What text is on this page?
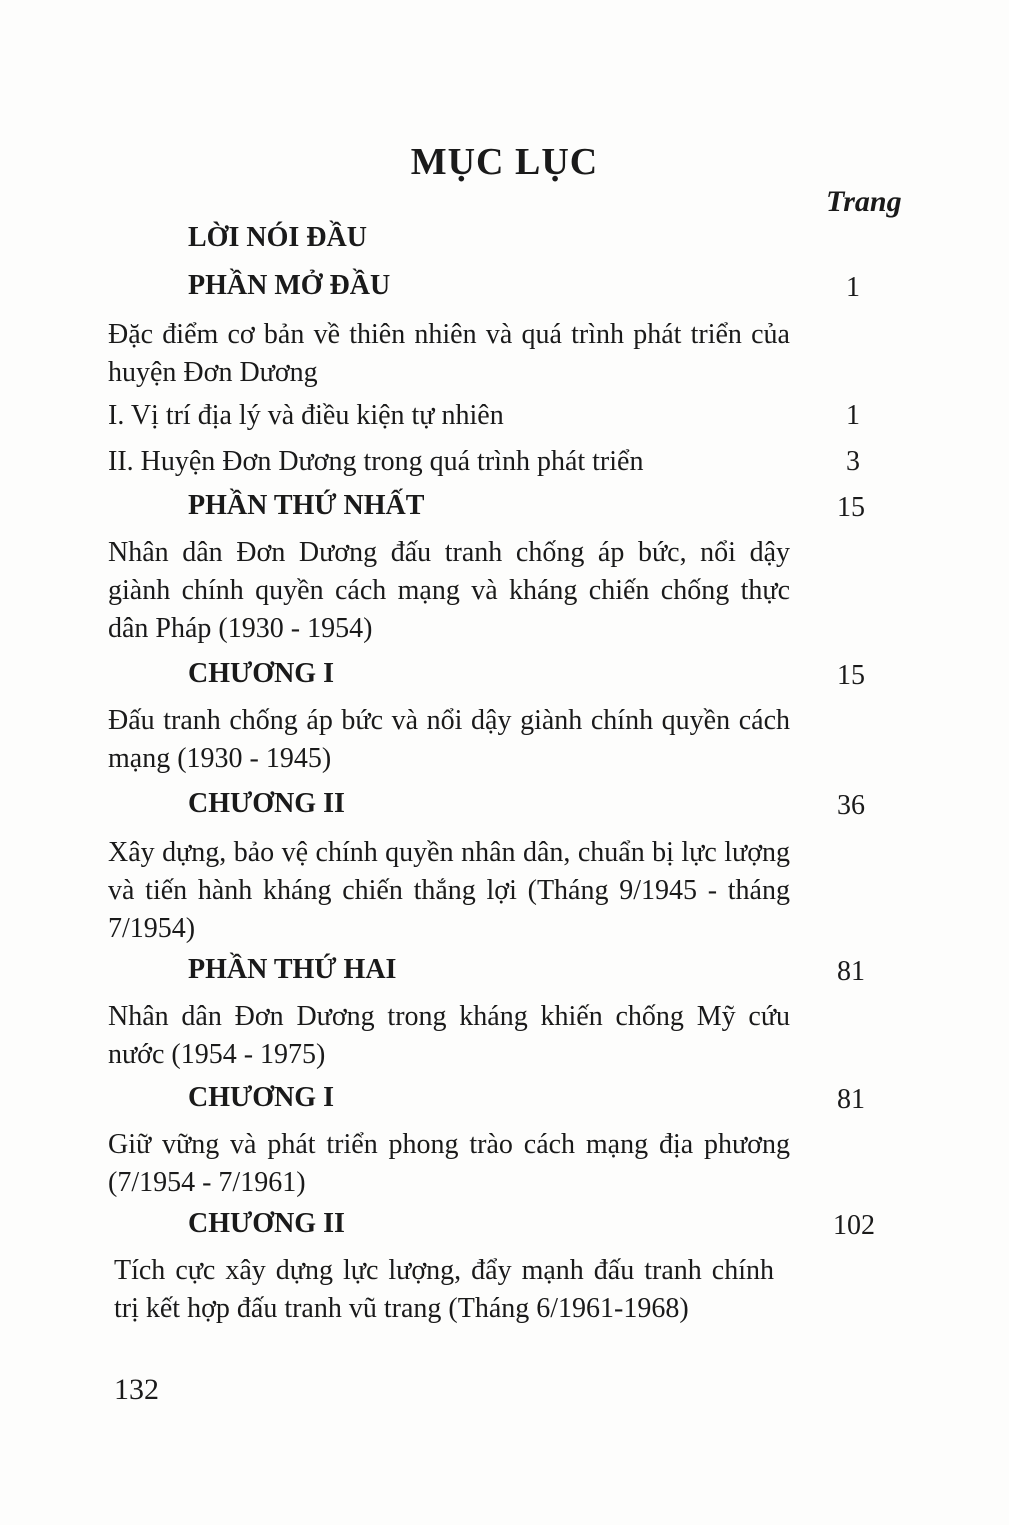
MỤC LỤC
Trang
LỜI NÓI ĐẦU
PHẦN MỞ ĐẦU	1
Đặc điểm cơ bản về thiên nhiên và quá trình phát triển của huyện Đơn Dương
I. Vị trí địa lý và điều kiện tự nhiên	1
II. Huyện Đơn Dương trong quá trình phát triển	3
PHẦN THỨ NHẤT	15
Nhân dân Đơn Dương đấu tranh chống áp bức, nổi dậy giành chính quyền cách mạng và kháng chiến chống thực dân Pháp (1930 - 1954)
CHƯƠNG I	15
Đấu tranh chống áp bức và nổi dậy giành chính quyền cách mạng (1930 - 1945)
CHƯƠNG II	36
Xây dựng, bảo vệ chính quyền nhân dân, chuẩn bị lực lượng và tiến hành kháng chiến thắng lợi (Tháng 9/1945 - tháng 7/1954)
PHẦN THỨ HAI	81
Nhân dân Đơn Dương trong kháng khiến chống Mỹ cứu nước (1954 - 1975)
CHƯƠNG I	81
Giữ vững và phát triển phong trào cách mạng địa phương (7/1954 - 7/1961)
CHƯƠNG II	102
Tích cực xây dựng lực lượng, đẩy mạnh đấu tranh chính trị kết hợp đấu tranh vũ trang (Tháng 6/1961-1968)
132
